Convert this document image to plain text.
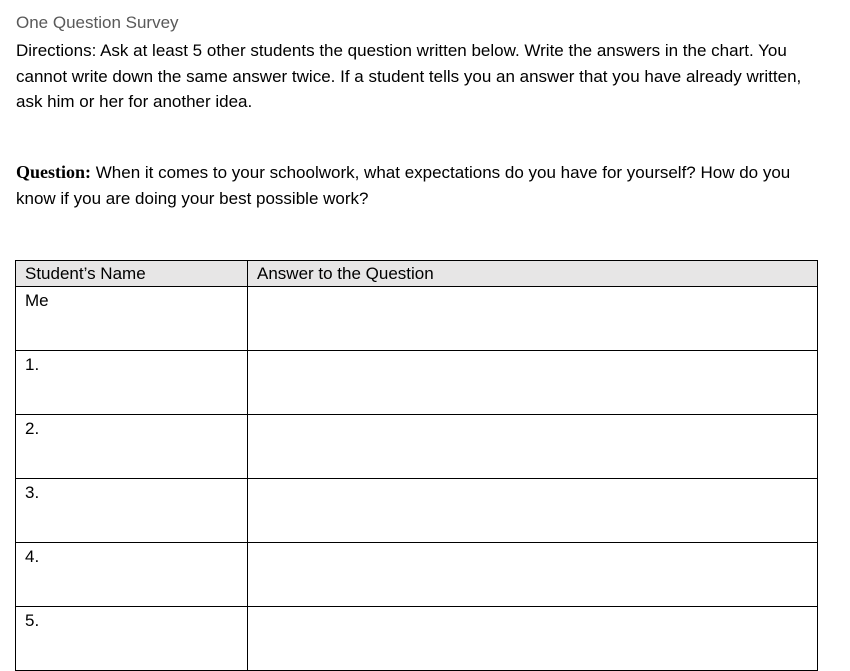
One Question Survey
Directions: Ask at least 5 other students the question written below. Write the answers in the chart. You cannot write down the same answer twice. If a student tells you an answer that you have already written, ask him or her for another idea.
Question: When it comes to your schoolwork, what expectations do you have for yourself? How do you know if you are doing your best possible work?
Student’s Name	Answer to the Question
Me	
1.	
2.	
3.	
4.	
5.	
